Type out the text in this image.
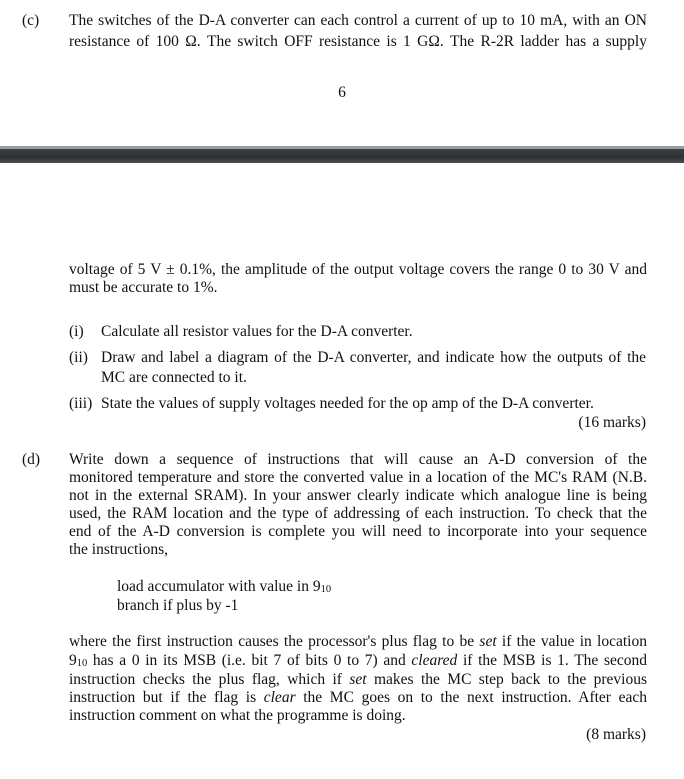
(c) The switches of the D-A converter can each control a current of up to 10 mA, with an ON
resistance of 100 Ω. The switch OFF resistance is 1 GΩ. The R-2R ladder has a supply
6
voltage of 5 V ± 0.1%, the amplitude of the output voltage covers the range 0 to 30 V and
must be accurate to 1%.
(i) Calculate all resistor values for the D-A converter.
(ii) Draw and label a diagram of the D-A converter, and indicate how the outputs of the
MC are connected to it.
(iii) State the values of supply voltages needed for the op amp of the D-A converter.
(16 marks)
(d) Write down a sequence of instructions that will cause an A-D conversion of the
monitored temperature and store the converted value in a location of the MC's RAM (N.B.
not in the external SRAM). In your answer clearly indicate which analogue line is being
used, the RAM location and the type of addressing of each instruction. To check that the
end of the A-D conversion is complete you will need to incorporate into your sequence
the instructions,
load accumulator with value in $9_{10}$
branch if plus by -1
where the first instruction causes the processor's plus flag to be set if the value in location
$9_{10}$ has a 0 in its MSB (i.e. bit 7 of bits 0 to 7) and cleared if the MSB is 1. The second
instruction checks the plus flag, which if set makes the MC step back to the previous
instruction but if the flag is clear the MC goes on to the next instruction. After each
instruction comment on what the programme is doing.
(8 marks)
